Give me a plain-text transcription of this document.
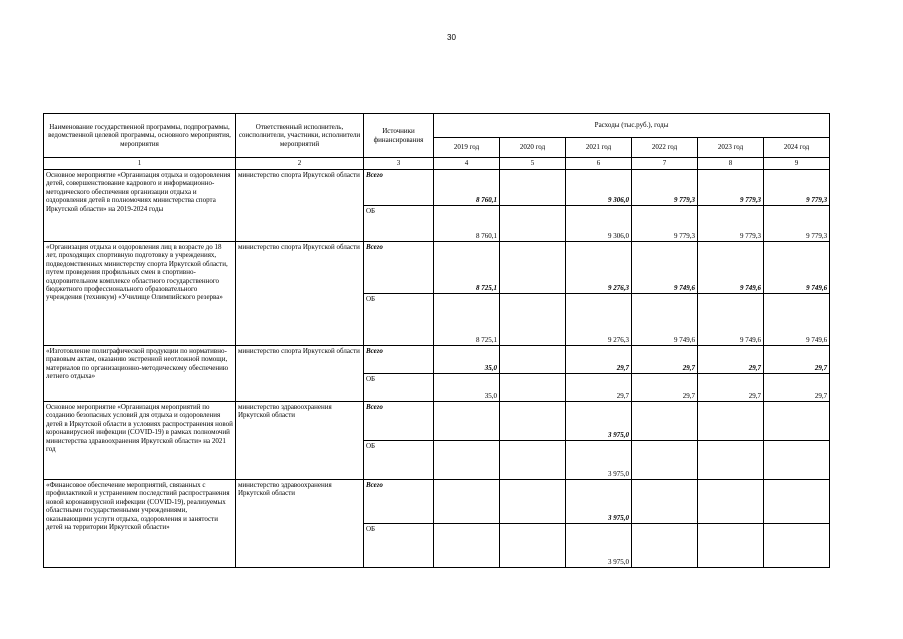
30
Наименование государственной программы, подпрограммы, ведомственной целевой программы, основного мероприятия, мероприятия	Ответственный исполнитель, соисполнители, участники, исполнители мероприятий	Источники финансирования	Расходы (тыс.руб.), годы					
			2019 год	2020 год	2021 год	2022 год	2023 год	2024 год
1	2	3	4	5	6	7	8	9
Основное мероприятие «Организация отдыха и оздоровления детей, совершенствование кадрового и информационно-методического обеспечения организации отдыха и оздоровления детей в полномочиях министерства спорта Иркутской области» на 2019-2024 годы	министерство спорта Иркутской области	Всего	8 760,1		9 306,0	9 779,3	9 779,3	9 779,3
		ОБ	8 760,1		9 306,0	9 779,3	9 779,3	9 779,3
«Организация отдыха и оздоровления лиц в возрасте до 18 лет, проходящих спортивную подготовку в учреждениях, подведомственных министерству спорта Иркутской области, путем проведения профильных смен в спортивно-оздоровительном комплексе областного государственного бюджетного профессионального образовательного учреждения (техникум) «Училище Олимпийского резерва»	министерство спорта Иркутской области	Всего	8 725,1		9 276,3	9 749,6	9 749,6	9 749,6
		ОБ	8 725,1		9 276,3	9 749,6	9 749,6	9 749,6
«Изготовление полиграфической продукции по нормативно-правовым актам, оказанию экстренной неотложной помощи, материалов по организационно-методическому обеспечению летнего отдыха»	министерство спорта Иркутской области	Всего	35,0		29,7	29,7	29,7	29,7
		ОБ	35,0		29,7	29,7	29,7	29,7
Основное мероприятие «Организация мероприятий по созданию безопасных условий для отдыха и оздоровления детей в Иркутской области в условиях распространения новой коронавирусной инфекции (COVID-19) в рамках полномочий министерства здравоохранения Иркутской области» на 2021 год	министерство здравоохранения Иркутской области	Всего			3 975,0			
		ОБ			3 975,0			
«Финансовое обеспечение мероприятий, связанных с профилактикой и устранением последствий распространения новой коронавирусной инфекции (COVID-19), реализуемых областными государственными учреждениями, оказывающими услуги отдыха, оздоровления и занятости детей на территории Иркутской области»	министерство здравоохранения Иркутской области	Всего			3 975,0			
		ОБ			3 975,0			
